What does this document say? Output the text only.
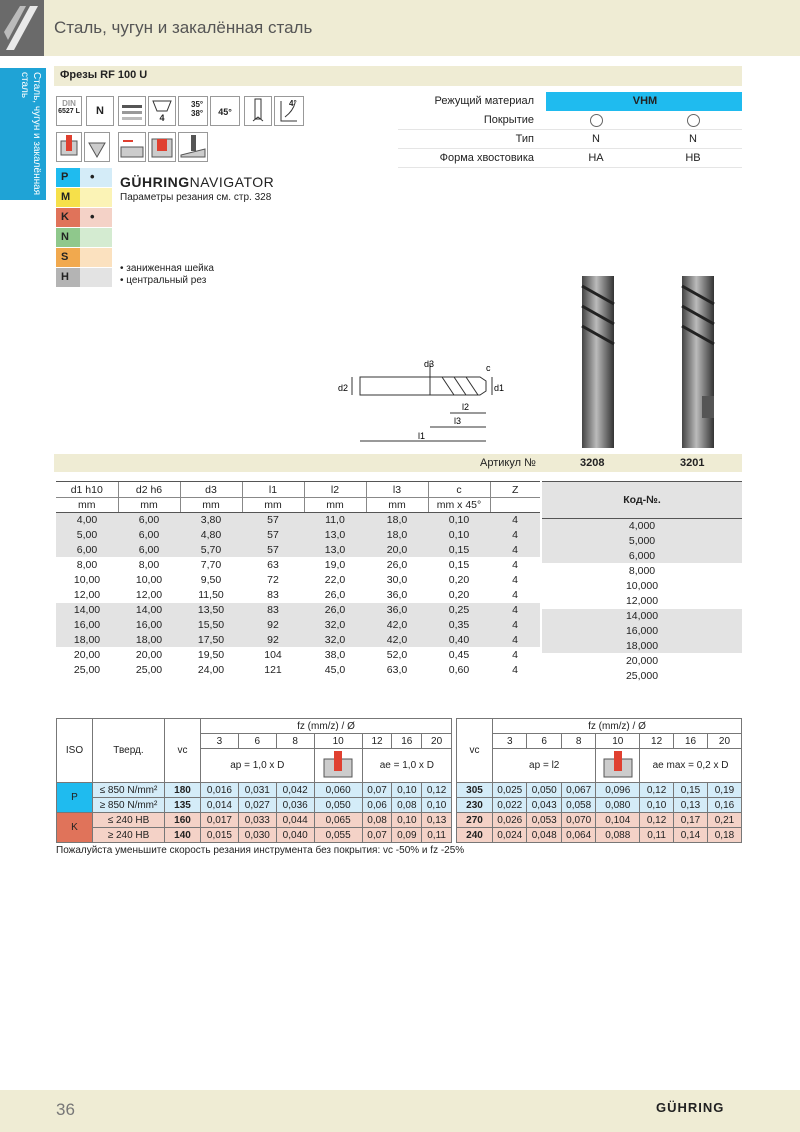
Сталь, чугун и закалённая сталь
Сталь, чугун и закалённая сталь	Фрезы RF 100 U
DIN
6527 L	N
4
35°
38°	45°
4°	Режущий материал	VHM
Покрытие
Тип	N	N
Форма хвостовика	HA	HB
P •
M
K •
N
S
H
GÜHRINGNAVIGATOR
Параметры резания см. стр. 328
• заниженная шейка
• центральный рез
d2
d3	c
d1
l2
l3
l1
Артикул №	3208	3201
d1 h10	d2 h6	d3	l1	l2	l3	c	Z
mm	mm	mm	mm	mm	mm	mm x 45°	
4,00	6,00	3,80	57	11,0	18,0	0,10	4
5,00	6,00	4,80	57	13,0	18,0	0,10	4
6,00	6,00	5,70	57	13,0	20,0	0,15	4
8,00	8,00	7,70	63	19,0	26,0	0,15	4
10,00	10,00	9,50	72	22,0	30,0	0,20	4
12,00	12,00	11,50	83	26,0	36,0	0,20	4
14,00	14,00	13,50	83	26,0	36,0	0,25	4
16,00	16,00	15,50	92	32,0	42,0	0,35	4
18,00	18,00	17,50	92	32,0	42,0	0,40	4
20,00	20,00	19,50	104	38,0	52,0	0,45	4
25,00	25,00	24,00	121	45,0	63,0	0,60	4
Код-№.
4,000
5,000
6,000
8,000
10,000
12,000
14,000
16,000
18,000
20,000
25,000
ISO	Тверд.	vc	fz (mm/z) / Ø						
			3	6	8	10	12	16	20
			ap = 1,0 x D				ae = 1,0 x D		
P	≤ 850 N/mm²	180	0,016	0,031	0,042	0,060	0,07	0,10	0,12
	≥ 850 N/mm²	135	0,014	0,027	0,036	0,050	0,06	0,08	0,10
K	≤ 240 HB	160	0,017	0,033	0,044	0,065	0,08	0,10	0,13
	≥ 240 HB	140	0,015	0,030	0,040	0,055	0,07	0,09	0,11
vc	fz (mm/z) / Ø						
	3	6	8	10	12	16	20
	ap = l2				ae max = 0,2 x D		
305	0,025	0,050	0,067	0,096	0,12	0,15	0,19
230	0,022	0,043	0,058	0,080	0,10	0,13	0,16
270	0,026	0,053	0,070	0,104	0,12	0,17	0,21
240	0,024	0,048	0,064	0,088	0,11	0,14	0,18
Пожалуйста уменьшите скорость резания инструмента без покрытия: vc -50% и fz -25%
36	GÜHRING
